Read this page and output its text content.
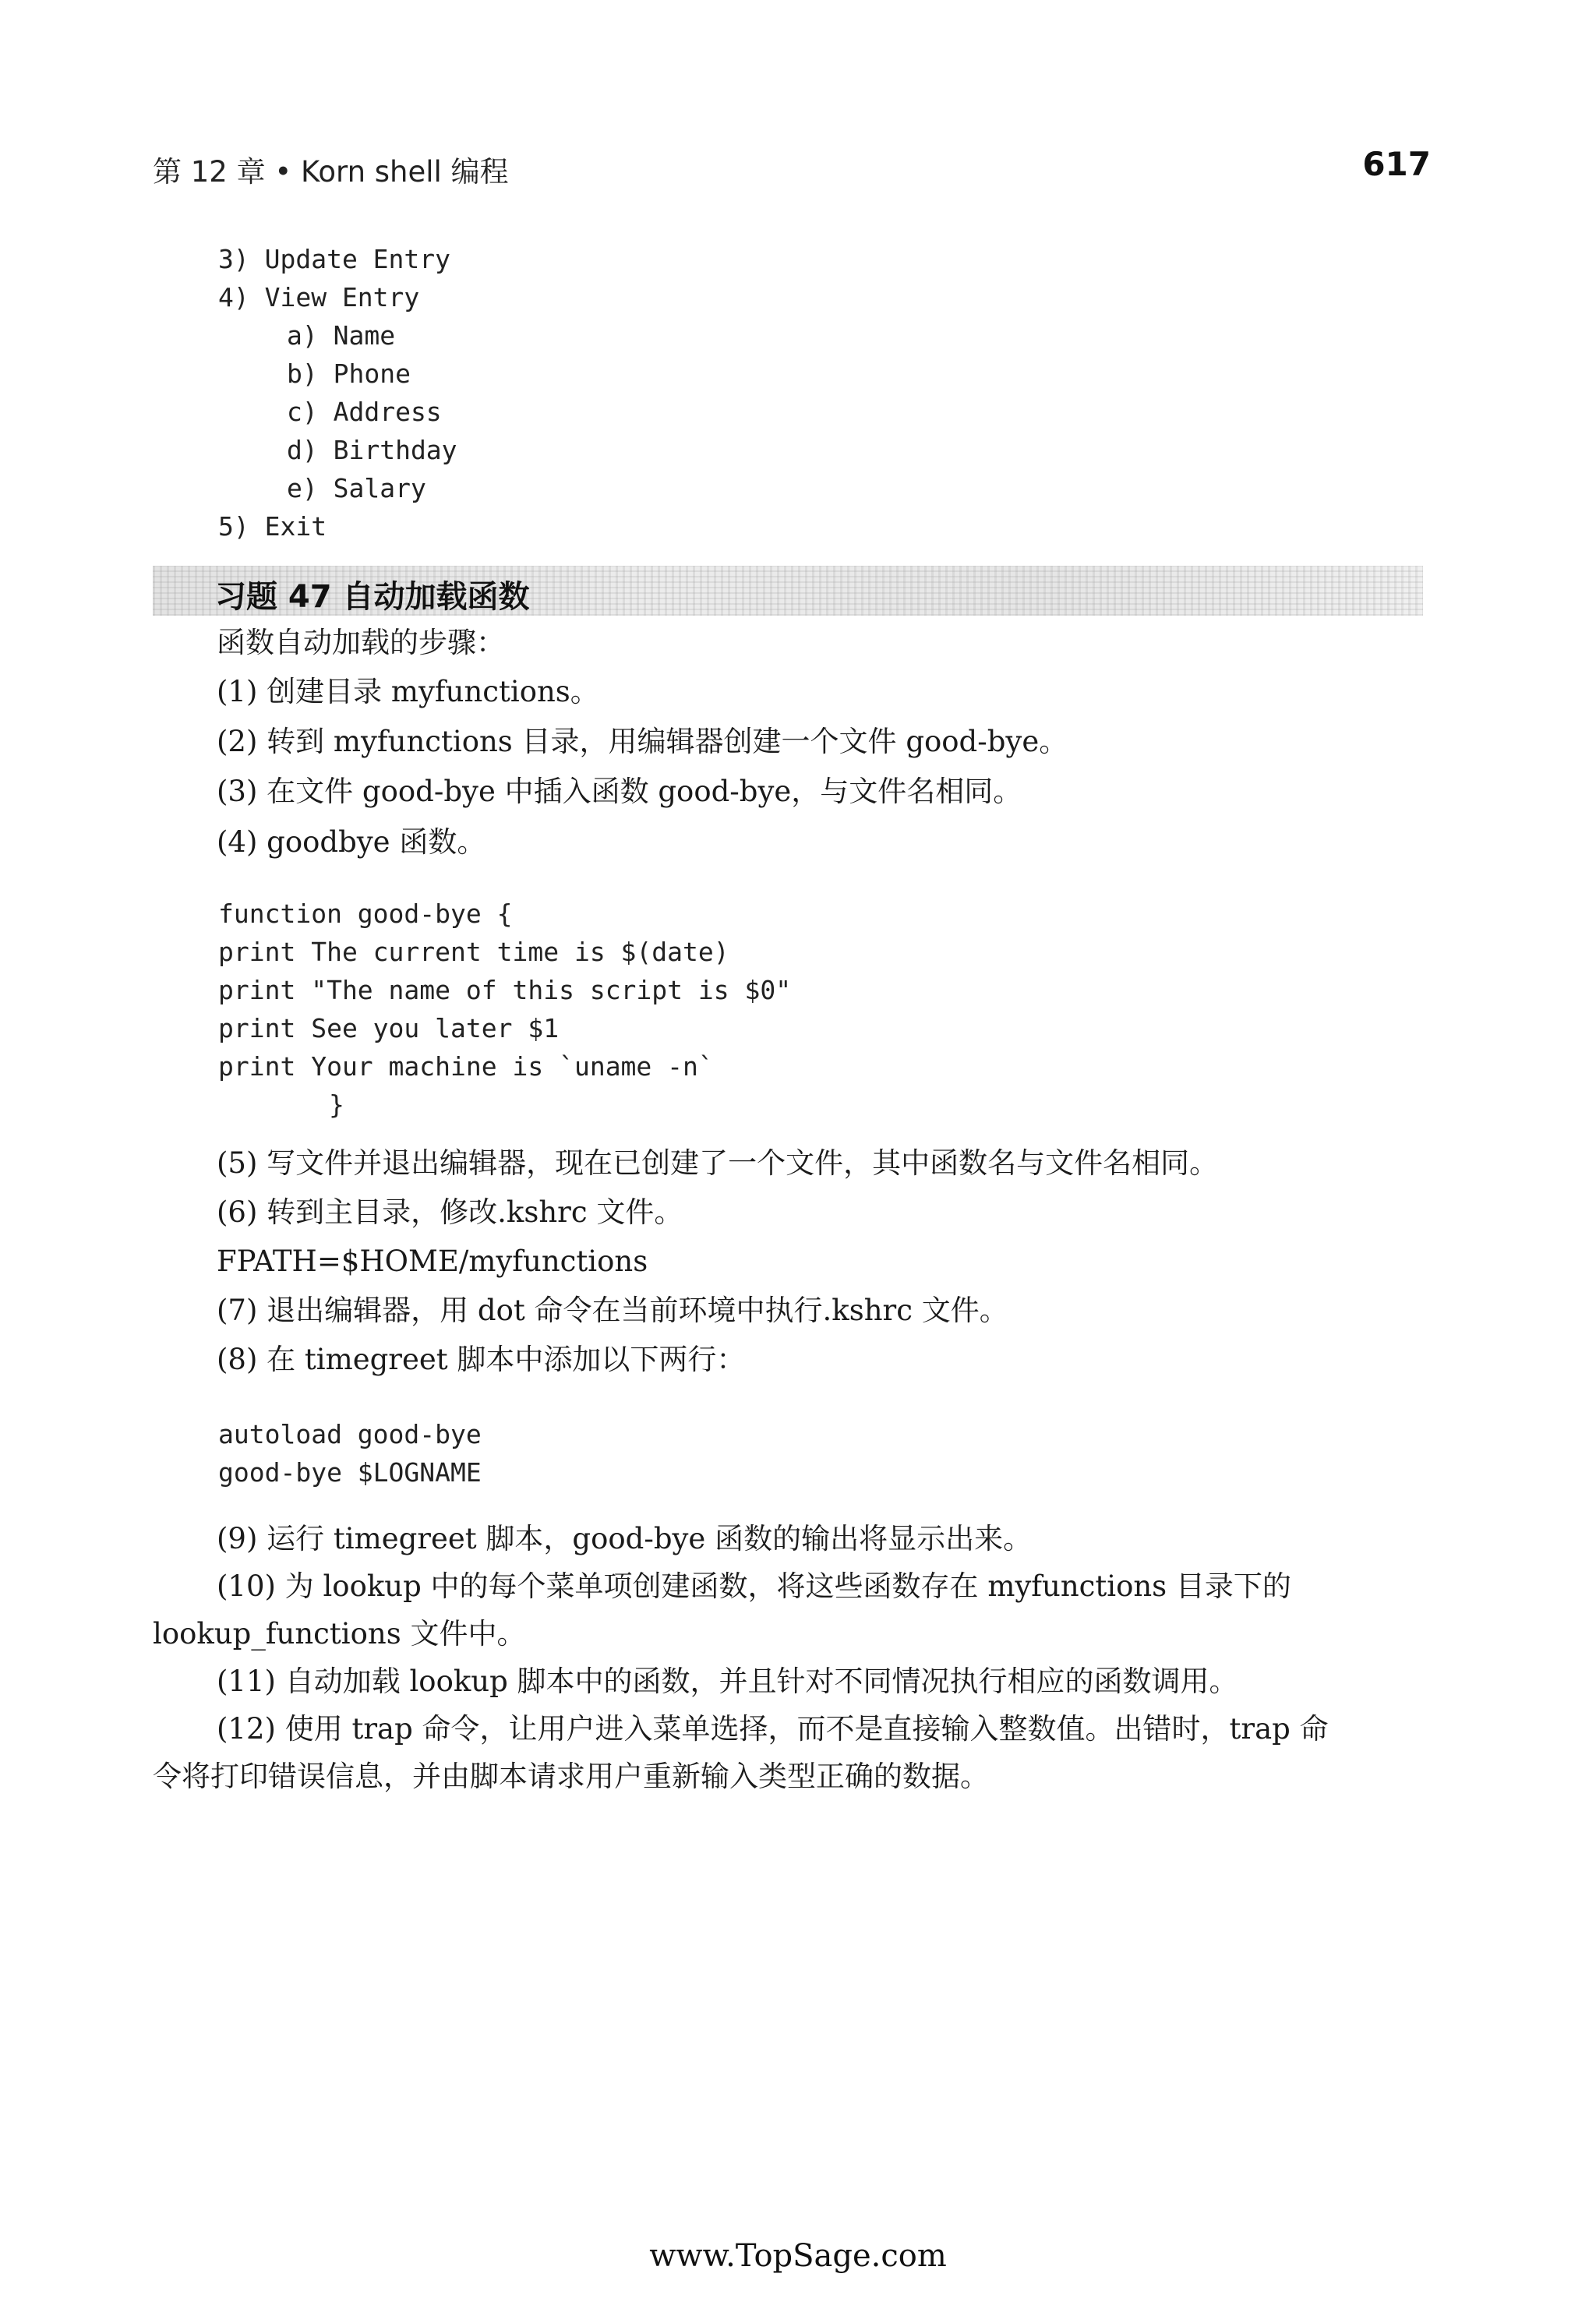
第 12 章 • Korn shell 编程	617
3) Update Entry
4) View Entry
a) Name
b) Phone
c) Address
d) Birthday
e) Salary
5) Exit
习题 47 自动加载函数
函数自动加载的步骤：
(1) 创建目录 myfunctions。
(2) 转到 myfunctions 目录，用编辑器创建一个文件 good-bye。
(3) 在文件 good-bye 中插入函数 good-bye，与文件名相同。
(4) goodbye 函数。
function good-bye {
print The current time is $(date)
print "The name of this script is $0"
print See you later $1
print Your machine is `uname -n`
}
(5) 写文件并退出编辑器，现在已创建了一个文件，其中函数名与文件名相同。
(6) 转到主目录，修改.kshrc 文件。
FPATH=$HOME/myfunctions
(7) 退出编辑器，用 dot 命令在当前环境中执行.kshrc 文件。
(8) 在 timegreet 脚本中添加以下两行：
autoload good-bye
good-bye $LOGNAME
(9) 运行 timegreet 脚本，good-bye 函数的输出将显示出来。
(10) 为 lookup 中的每个菜单项创建函数，将这些函数存在 myfunctions 目录下的
lookup_functions 文件中。
(11) 自动加载 lookup 脚本中的函数，并且针对不同情况执行相应的函数调用。
(12) 使用 trap 命令，让用户进入菜单选择，而不是直接输入整数值。出错时，trap 命
令将打印错误信息，并由脚本请求用户重新输入类型正确的数据。
www.TopSage.com
